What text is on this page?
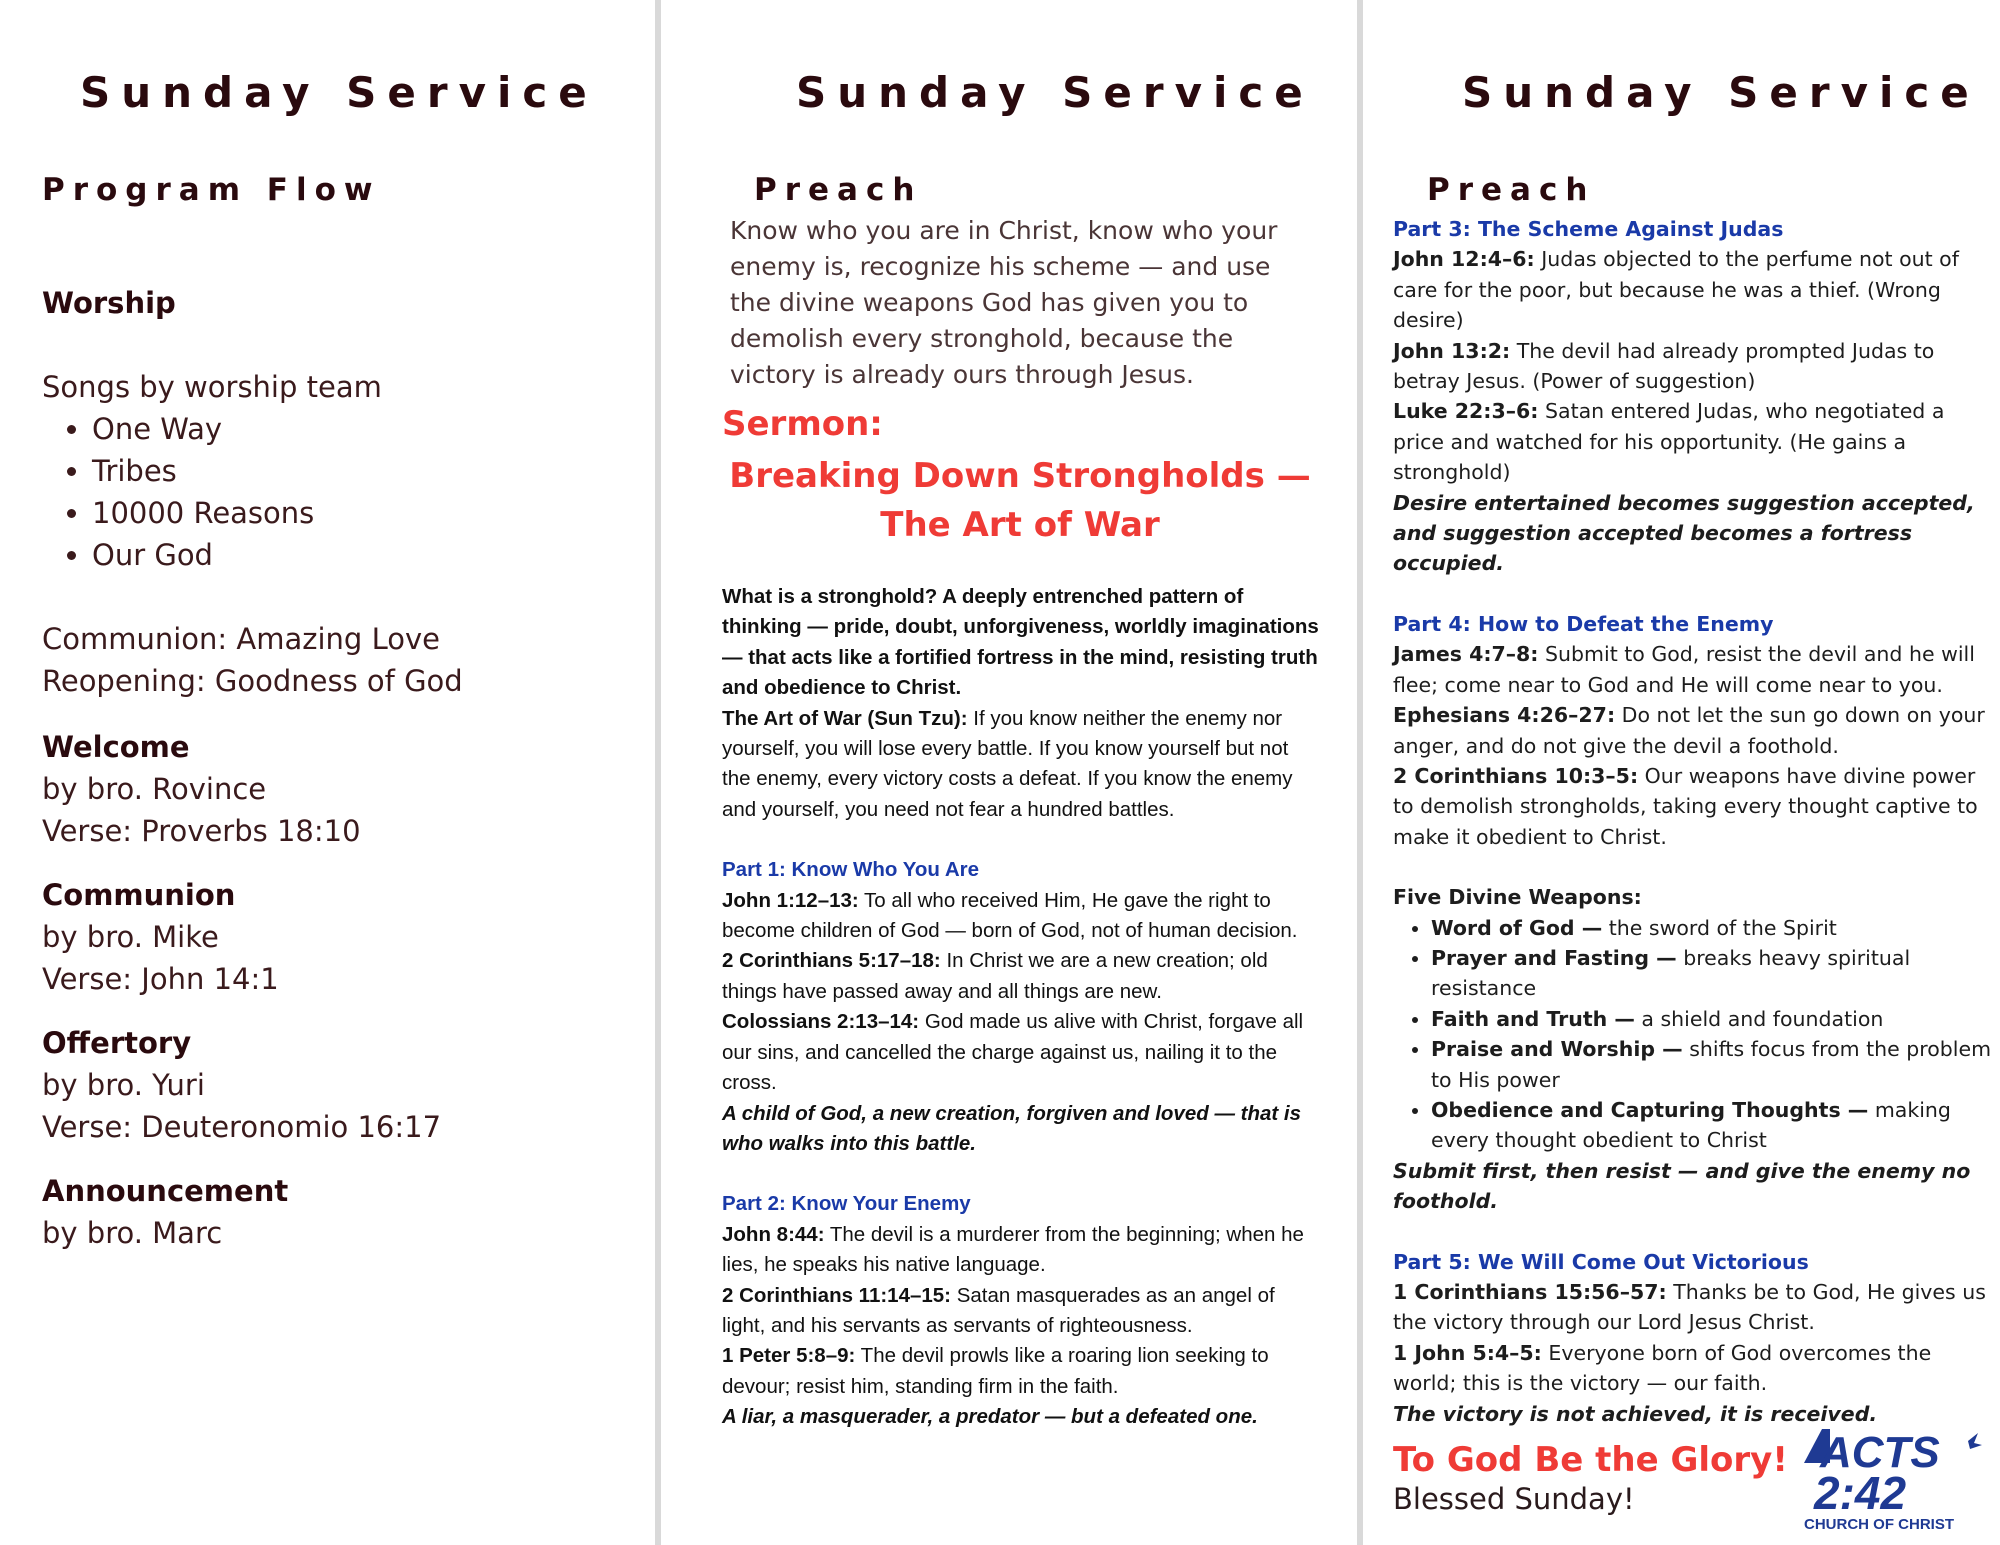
Sunday Service
Program Flow
Worship
Songs by worship team
• One Way
• Tribes
• 10000 Reasons
• Our God
Communion: Amazing Love
Reopening: Goodness of God
Welcome
by bro. Rovince
Verse: Proverbs 18:10
Communion
by bro. Mike
Verse: John 14:1
Offertory
by bro. Yuri
Verse: Deuteronomio 16:17
Announcement
by bro. Marc
Sunday Service
Preach
Know who you are in Christ, know who your enemy is, recognize his scheme — and use the divine weapons God has given you to demolish every stronghold, because the victory is already ours through Jesus.
Sermon:
Breaking Down Strongholds —
The Art of War

What is a stronghold? A deeply entrenched pattern of thinking — pride, doubt, unforgiveness, worldly imaginations — that acts like a fortified fortress in the mind, resisting truth and obedience to Christ.

The Art of War (Sun Tzu): If you know neither the enemy nor yourself, you will lose every battle. If you know yourself but not the enemy, every victory costs a defeat. If you know the enemy and yourself, you need not fear a hundred battles.

Part 1: Know Who You Are

John 1:12–13: To all who received Him, He gave the right to become children of God — born of God, not of human decision.

2 Corinthians 5:17–18: In Christ we are a new creation; old things have passed away and all things are new.

Colossians 2:13–14: God made us alive with Christ, forgave all our sins, and cancelled the charge against us, nailing it to the cross.

A child of God, a new creation, forgiven and loved — that is who walks into this battle.

Part 2: Know Your Enemy

John 8:44: The devil is a murderer from the beginning; when he lies, he speaks his native language.

2 Corinthians 11:14–15: Satan masquerades as an angel of light, and his servants as servants of righteousness.

1 Peter 5:8–9: The devil prowls like a roaring lion seeking to devour; resist him, standing firm in the faith.

A liar, a masquerader, a predator — but a defeated one.

Sunday Service
Preach

Part 3: The Scheme Against Judas

John 12:4–6: Judas objected to the perfume not out of care for the poor, but because he was a thief. (Wrong desire)

John 13:2: The devil had already prompted Judas to betray Jesus. (Power of suggestion)

Luke 22:3–6: Satan entered Judas, who negotiated a price and watched for his opportunity. (He gains a stronghold)

Desire entertained becomes suggestion accepted, and suggestion accepted becomes a fortress occupied.

Part 4: How to Defeat the Enemy

James 4:7–8: Submit to God, resist the devil and he will flee; come near to God and He will come near to you.

Ephesians 4:26–27: Do not let the sun go down on your anger, and do not give the devil a foothold.

2 Corinthians 10:3–5: Our weapons have divine power to demolish strongholds, taking every thought captive to make it obedient to Christ.

Five Divine Weapons:

• Word of God — the sword of the Spirit
• Prayer and Fasting — breaks heavy spiritual resistance
• Faith and Truth — a shield and foundation
• Praise and Worship — shifts focus from the problem to His power
• Obedience and Capturing Thoughts — making every thought obedient to Christ

Submit first, then resist — and give the enemy no foothold.

Part 5: We Will Come Out Victorious

1 Corinthians 15:56–57: Thanks be to God, He gives us the victory through our Lord Jesus Christ.

1 John 5:4–5: Everyone born of God overcomes the world; this is the victory — our faith.

The victory is not achieved, it is received.

To God Be the Glory!
Blessed Sunday!
ACTS
2:42
CHURCH OF CHRIST
